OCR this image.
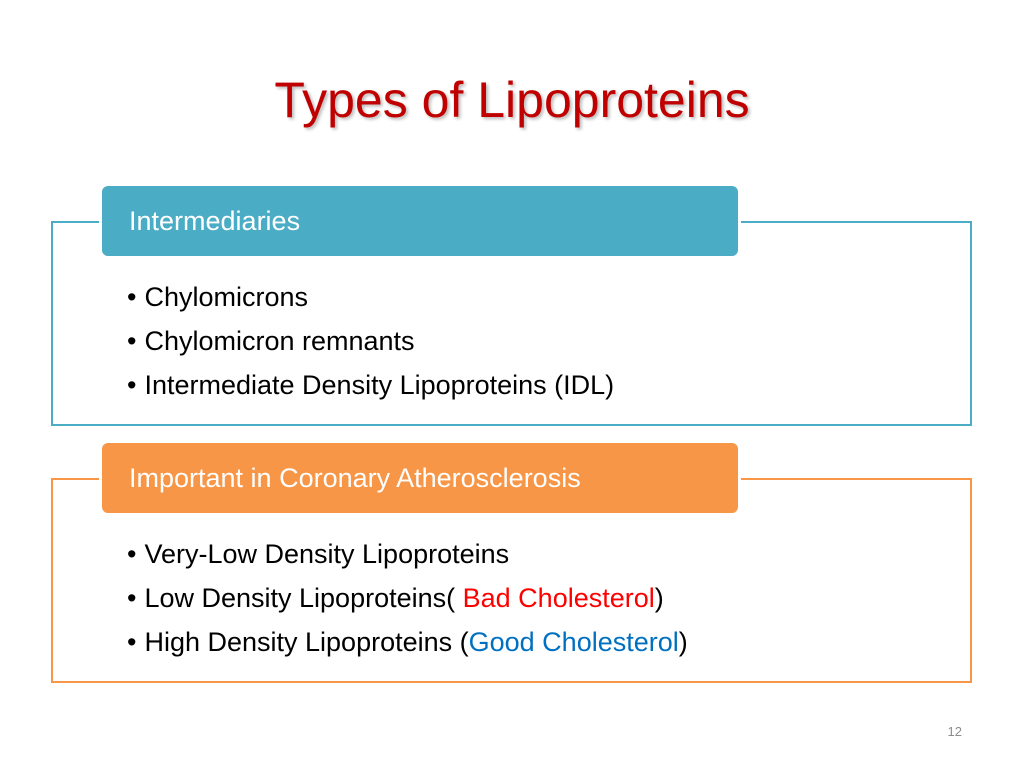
Types of Lipoproteins
Intermediaries
• Chylomicrons
• Chylomicron remnants
• Intermediate Density Lipoproteins (IDL)
Important in Coronary Atherosclerosis
• Very-Low Density Lipoproteins
• Low Density Lipoproteins( Bad Cholesterol)
• High Density Lipoproteins (Good Cholesterol)
12
